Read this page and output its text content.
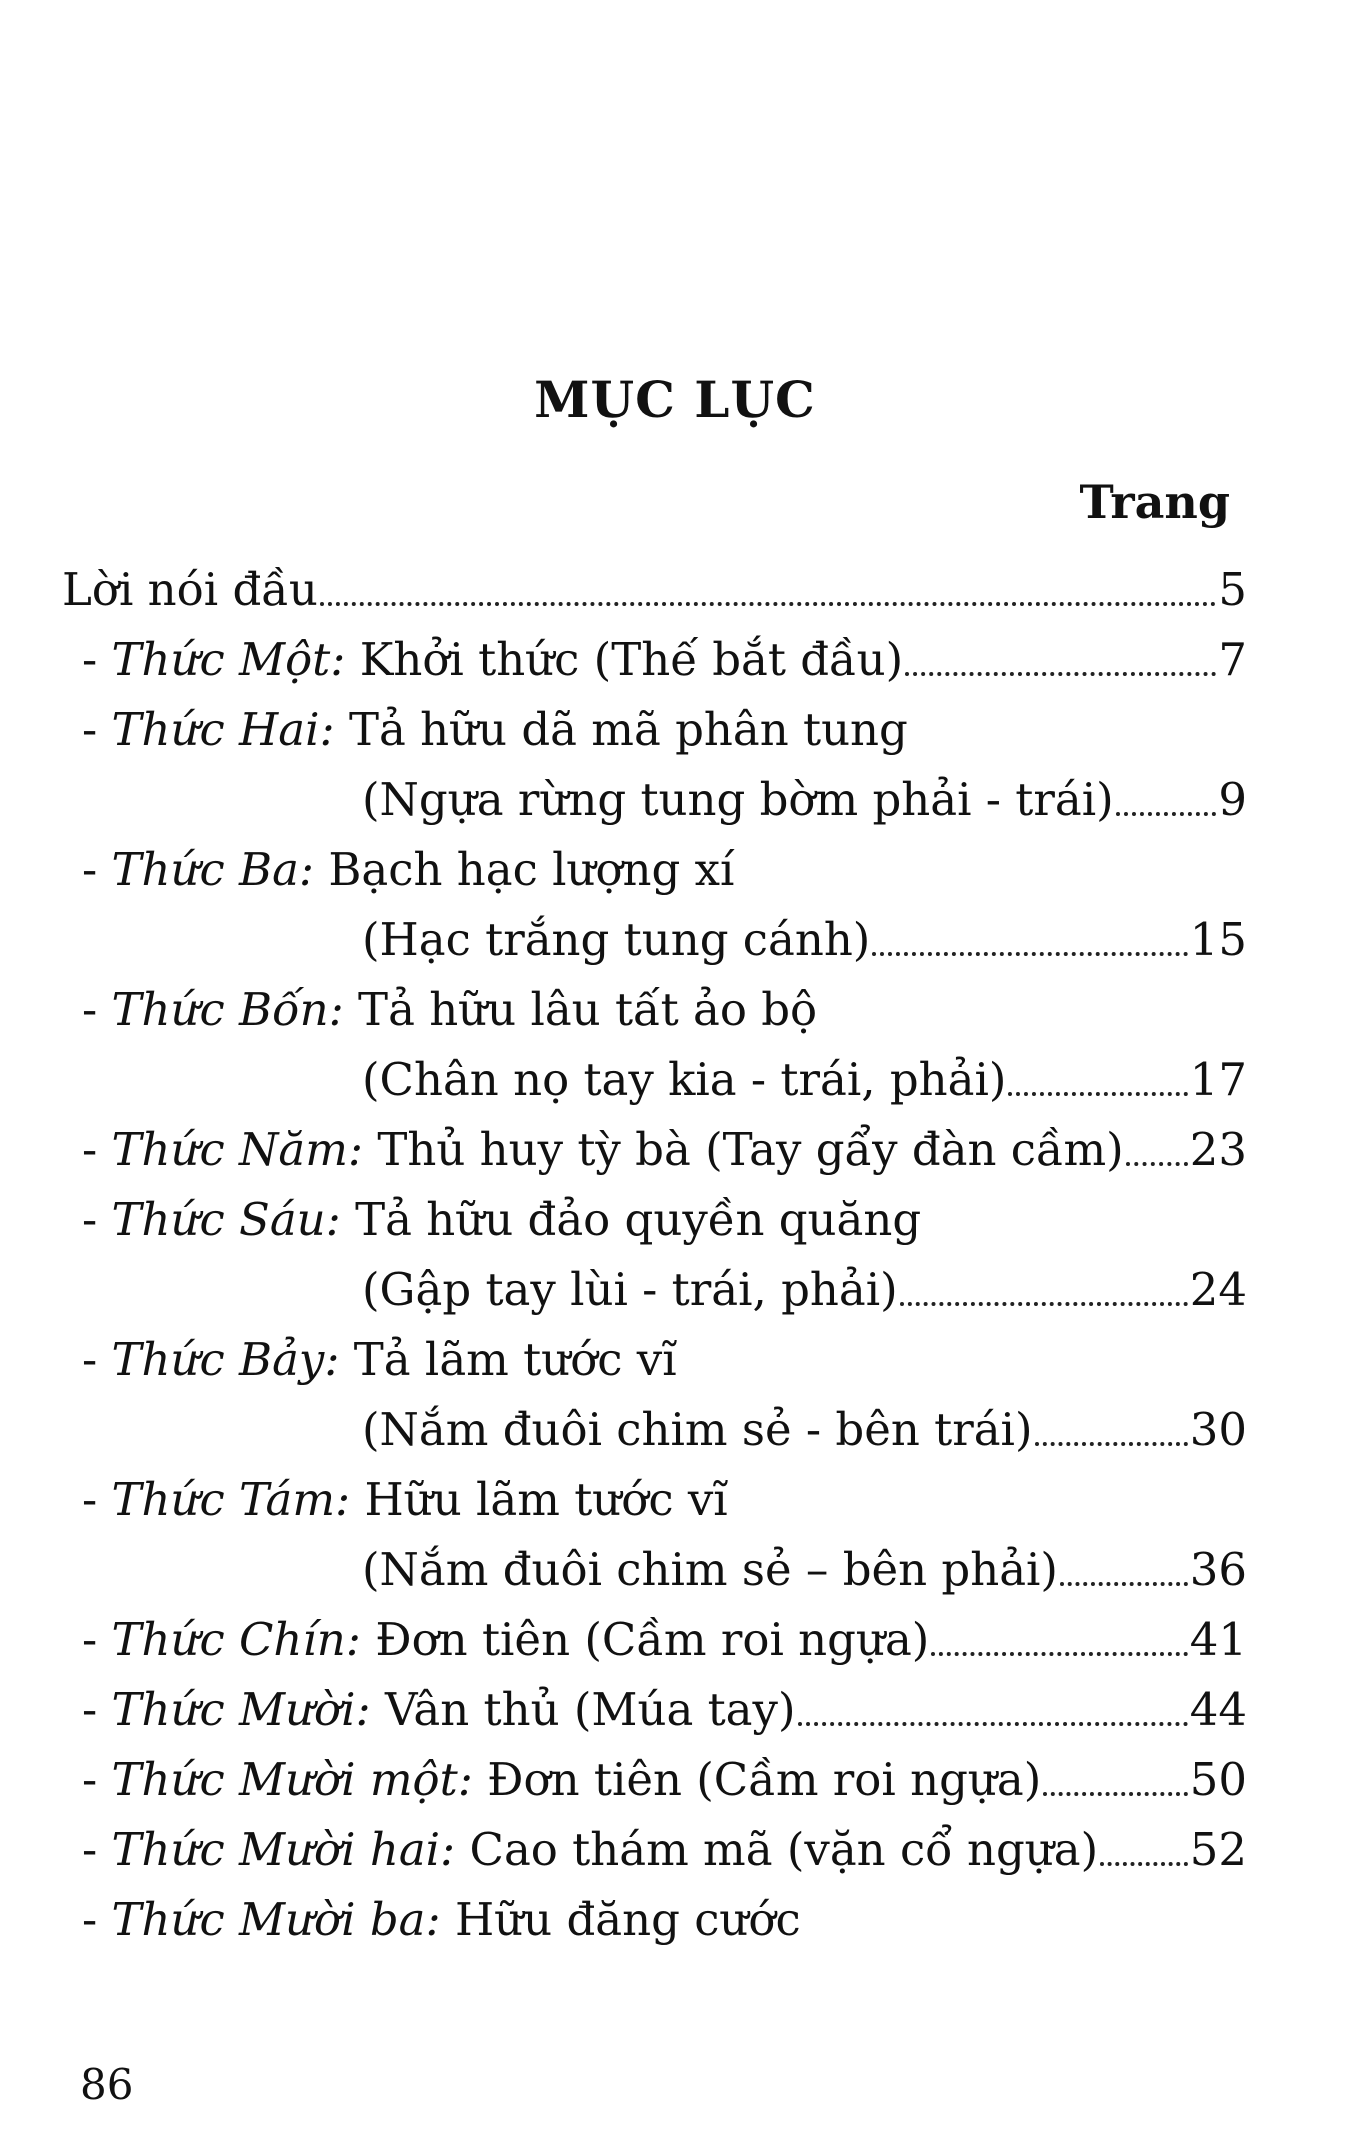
MỤC LỤC
Trang
Lời nói đầu	5
- Thức Một: Khởi thức (Thế bắt đầu)	7
- Thức Hai: Tả hữu dã mã phân tung
(Ngựa rừng tung bờm phải - trái) 9
- Thức Ba: Bạch hạc lượng xí
(Hạc trắng tung cánh)	15
- Thức Bốn: Tả hữu lâu tất ảo bộ
(Chân nọ tay kia - trái, phải)	17
- Thức Năm: Thủ huy tỳ bà (Tay gẩy đàn cầm) 23
- Thức Sáu: Tả hữu đảo quyền quăng
(Gập tay lùi - trái, phải)	24
- Thức Bảy: Tả lãm tước vĩ
(Nắm đuôi chim sẻ - bên trái)	30
- Thức Tám: Hữu lãm tước vĩ
(Nắm đuôi chim sẻ – bên phải)	36
- Thức Chín: Đơn tiên (Cầm roi ngựa)	41
- Thức Mười: Vân thủ (Múa tay)	44
- Thức Mười một: Đơn tiên (Cầm roi ngựa)	50
- Thức Mười hai: Cao thám mã (vặn cổ ngựa) 52
- Thức Mười ba: Hữu đăng cước
86
